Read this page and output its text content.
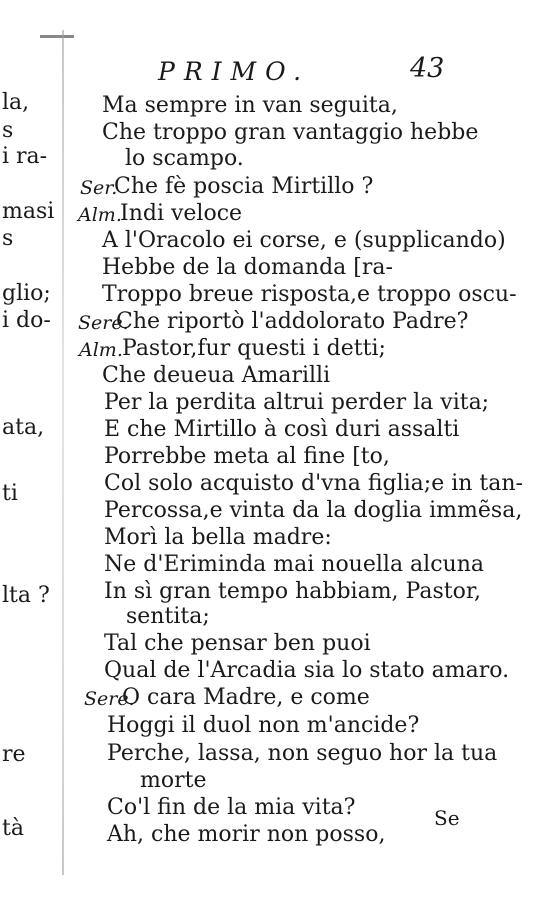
la,
s
i ra-
masi
s
glio;
i do-
ata,
ti
lta ?
re
tà
PRIMO.	43
Ma sempre in van seguita,
Che troppo gran vantaggio hebbe
lo scampo.
Ser.
Che fè poscia Mirtillo ?
Alm.
Indi veloce
A l'Oracolo ei corse, e (supplicando)
Hebbe de la domanda [ra-
Troppo breue risposta,e troppo oscu-
Sere.
Che riportò l'addolorato Padre?
Alm. Pastor,fur questi i detti;
Che deueua Amarilli
Per la perdita altrui perder la vita;
E che Mirtillo à così duri assalti
Porrebbe meta al fine [to,
Col solo acquisto d'vna figlia;e in tan-
Percossa,e vinta da la doglia immẽsa,
Morì la bella madre:
Ne d'Eriminda mai nouella alcuna
In sì gran tempo habbiam, Pastor,
sentita;
Tal che pensar ben puoi
Qual de l'Arcadia sia lo stato amaro.
Sere.
O cara Madre, e come
Hoggi il duol non m'ancide?
Perche, lassa, non seguo hor la tua
morte
Co'l fin de la mia vita?
Ah, che morir non posso,
Se
